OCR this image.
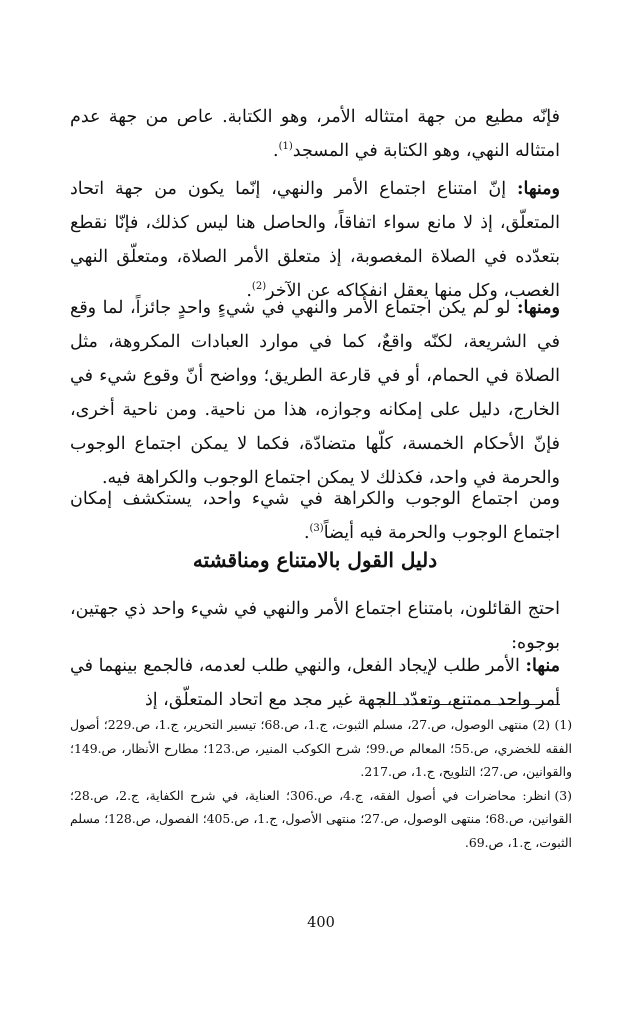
فإنّه مطيع من جهة امتثاله الأمر، وهو الكتابة. عاص من جهة عدم امتثاله النهي، وهو الكتابة في المسجد$^{(1)}$.

ومنها: إنّ امتناع اجتماع الأمر والنهي، إنّما يكون من جهة اتحاد المتعلّق، إذ لا مانع سواء اتفاقاً، والحاصل هنا ليس كذلك، فإنّا نقطع بتعدّده في الصلاة المغصوبة، إذ متعلق الأمر الصلاة، ومتعلّق النهي الغصب، وكل منها يعقل انفكاكه عن الآخر$^{(2)}$.

ومنها: لو لم يكن اجتماع الأمر والنهي في شيءٍ واحدٍ جائزاً، لما وقع في الشريعة، لكنّه واقعٌ، كما في موارد العبادات المكروهة، مثل الصلاة في الحمام، أو في قارعة الطريق؛ وواضح أنّ وقوع شيء في الخارج، دليل على إمكانه وجوازه، هذا من ناحية. ومن ناحية أخرى، فإنّ الأحكام الخمسة، كلّها متضادّة، فكما لا يمكن اجتماع الوجوب والحرمة في واحد، فكذلك لا يمكن اجتماع الوجوب والكراهة فيه.

ومن اجتماع الوجوب والكراهة في شيء واحد، يستكشف إمكان اجتماع الوجوب والحرمة فيه أيضاً$^{(3)}$.

دليل القول بالامتناع ومناقشته

احتج القائلون، بامتناع اجتماع الأمر والنهي في شيء واحد ذي جهتين، بوجوه:

منها: الأمر طلب لإيجاد الفعل، والنهي طلب لعدمه، فالجمع بينهما في أمر واحد ممتنع، وتعدّد الجهة غير مجد مع اتحاد المتعلّق، إذ

(1) (2)منتهى الوصول، ص.27، مسلم الثبوت، ج.1، ص.68؛ تيسير التحرير، ج.1، ص.229؛ أصول الفقه للخضري، ص.55؛ المعالم ص.99؛ شرح الكوكب المنير، ص.123؛ مطارح الأنظار، ص.149؛ والقوانين، ص.27؛ التلويح، ج.1، ص.217.

(3)انظر: محاضرات في أصول الفقه، ج.4، ص.306؛ العناية، في شرح الكفاية، ج.2، ص.28؛ القوانين، ص.68؛ منتهى الوصول، ص.27؛ منتهى الأصول، ج.1، ص.405؛ الفصول، ص.128؛ مسلم الثبوت، ج.1، ص.69.

400
